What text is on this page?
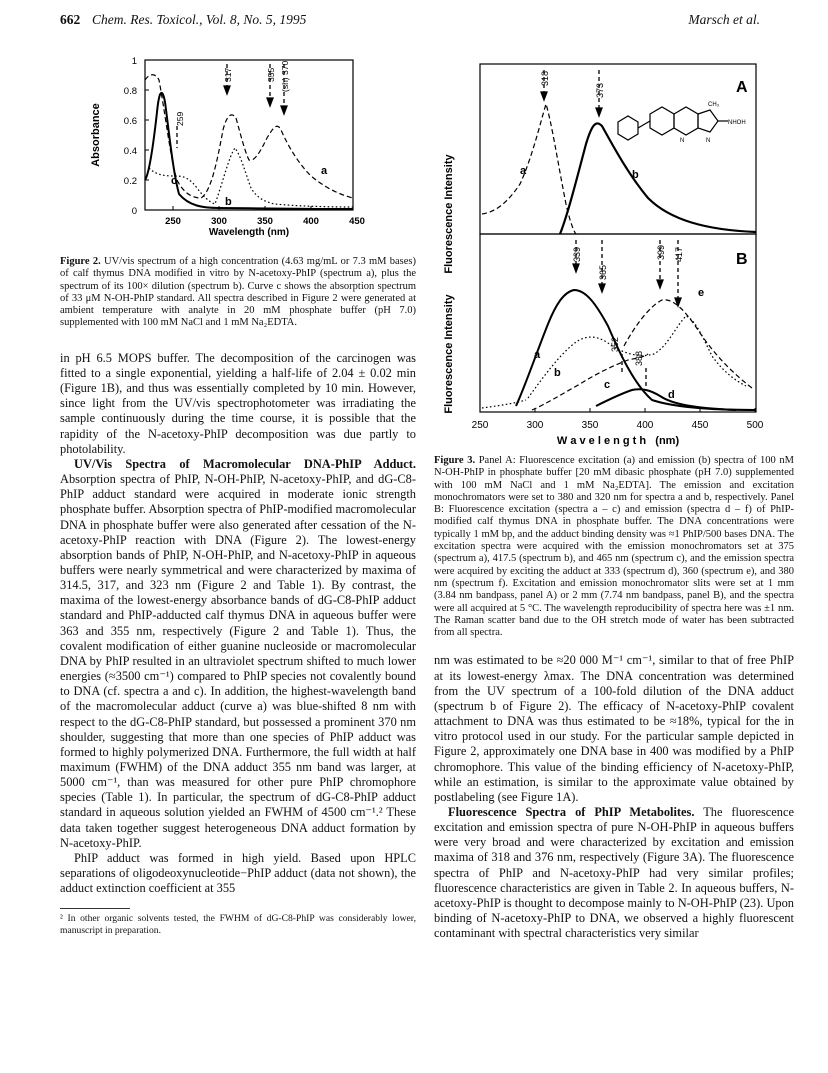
662 Chem. Res. Toxicol., Vol. 8, No. 5, 1995	Marsch et al.
Absorbance
1
0.8
0.6
0.4
0.2
0
250	300	350	400	450
Wavelength (nm)
317	355 (sh) 370
259
a
b
c	Fluorescence Intensity
Fluorescence Intensity
A
318
373
a	b
CH₃
NHOH
N	N
B
339
365
399 417
352
388
a
b
c
d
e
250	300	350	400	450	500
W a v e l e n g t h   (nm)

Figure 2. UV/vis spectrum of a high concentration (4.63 mg/mL or 7.3 mM bases) of calf thymus DNA modified in vitro by N-acetoxy-PhIP (spectrum a), plus the spectrum of its 100× dilution (spectrum b). Curve c shows the absorption spectrum of 33 μM N-OH-PhIP standard. All spectra described in Figure 2 were generated at ambient temperature with analyte in 20 mM phosphate buffer (pH 7.0) supplemented with 100 mM NaCl and 1 mM Na₂EDTA.

in pH 6.5 MOPS buffer. The decomposition of the carcinogen was fitted to a single exponential, yielding a half-life of 2.04 ± 0.02 min (Figure 1B), and thus was essentially completed by 10 min. However, since light from the UV/vis spectrophotometer was irradiating the sample continuously during the time course, it is possible that the rapidity of the N-acetoxy-PhIP decomposition was due partly to photolability.

UV/Vis Spectra of Macromolecular DNA-PhIP Adduct. Absorption spectra of PhIP, N-OH-PhIP, N-acetoxy-PhIP, and dG-C8-PhIP adduct standard were acquired in moderate ionic strength phosphate buffer. Absorption spectra of PhIP-modified macromolecular DNA in phosphate buffer were also generated after cessation of the N-acetoxy-PhIP reaction with DNA (Figure 2). The lowest-energy absorption bands of PhIP, N-OH-PhIP, and N-acetoxy-PhIP in aqueous buffers were nearly symmetrical and were characterized by maxima of 314.5, 317, and 323 nm (Figure 2 and Table 1). By contrast, the maxima of the lowest-energy absorbance bands of dG-C8-PhIP adduct standard and PhIP-adducted calf thymus DNA in aqueous buffer were 363 and 355 nm, respectively (Figure 2 and Table 1). Thus, the covalent modification of either guanine nucleoside or macromolecular DNA by PhIP resulted in an ultraviolet spectrum shifted to much lower energies (≈3500 cm⁻¹) compared to PhIP species not covalently bound to DNA (cf. spectra a and c). In addition, the highest-wavelength band of the macromolecular adduct (curve a) was blue-shifted 8 nm with respect to the dG-C8-PhIP standard, but possessed a prominent 370 nm shoulder, suggesting that more than one species of PhIP adduct was formed to highly polymerized DNA. Furthermore, the full width at half maximum (FWHM) of the DNA adduct 355 nm band was larger, at 5000 cm⁻¹, than was measured for other pure PhIP chromophore species (Table 1). In particular, the spectrum of dG-C8-PhIP adduct standard in aqueous solution yielded an FWHM of 4500 cm⁻¹.² These data taken together suggest heterogeneous DNA adduct formation by N-acetoxy-PhIP.

PhIP adduct was formed in high yield. Based upon HPLC separations of oligodeoxynucleotide−PhIP adduct (data not shown), the adduct extinction coefficient at 355

² In other organic solvents tested, the FWHM of dG-C8-PhIP was considerably lower, manuscript in preparation.

Figure 3. Panel A: Fluorescence excitation (a) and emission (b) spectra of 100 nM N-OH-PhIP in phosphate buffer [20 mM dibasic phosphate (pH 7.0) supplemented with 100 mM NaCl and 1 mM Na₂EDTA]. The emission and excitation monochromators were set to 380 and 320 nm for spectra a and b, respectively. Panel B: Fluorescence excitation (spectra a – c) and emission (spectra d – f) of PhIP-modified calf thymus DNA in phosphate buffer. The DNA concentrations were typically 1 mM bp, and the adduct binding density was ≈1 PhIP/500 bases DNA. The excitation spectra were acquired with the emission monochromators set at 375 (spectrum a), 417.5 (spectrum b), and 465 nm (spectrum c), and the emission spectra were acquired by exciting the adduct at 333 (spectrum d), 360 (spectrum e), and 380 nm (spectrum f). Excitation and emission monochromator slits were set at 1 mm (3.84 nm bandpass, panel A) or 2 mm (7.74 nm bandpass, panel B), and the spectra were all acquired at 5 °C. The wavelength reproducibility of spectra here was ±1 nm. The Raman scatter band due to the OH stretch mode of water has been subtracted from all spectra.

nm was estimated to be ≈20 000 M⁻¹ cm⁻¹, similar to that of free PhIP at its lowest-energy λmax. The DNA concentration was determined from the UV spectrum of a 100-fold dilution of the DNA adduct (spectrum b of Figure 2). The efficacy of N-acetoxy-PhIP covalent attachment to DNA was thus estimated to be ≈18%, typical for the in vitro protocol used in our study. For the particular sample depicted in Figure 2, approximately one DNA base in 400 was modified by a PhIP chromophore. This value of the binding efficiency of N-acetoxy-PhIP, while an estimation, is similar to the approximate value obtained by postlabeling (see Figure 1A).

Fluorescence Spectra of PhIP Metabolites. The fluorescence excitation and emission spectra of pure N-OH-PhIP in aqueous buffers were very broad and were characterized by excitation and emission maxima of 318 and 376 nm, respectively (Figure 3A). The fluorescence spectra of PhIP and N-acetoxy-PhIP had very similar profiles; fluorescence characteristics are given in Table 2. In aqueous buffers, N-acetoxy-PhIP is thought to decompose mainly to N-OH-PhIP (23). Upon binding of N-acetoxy-PhIP to DNA, we observed a highly fluorescent contaminant with spectral characteristics very similar
